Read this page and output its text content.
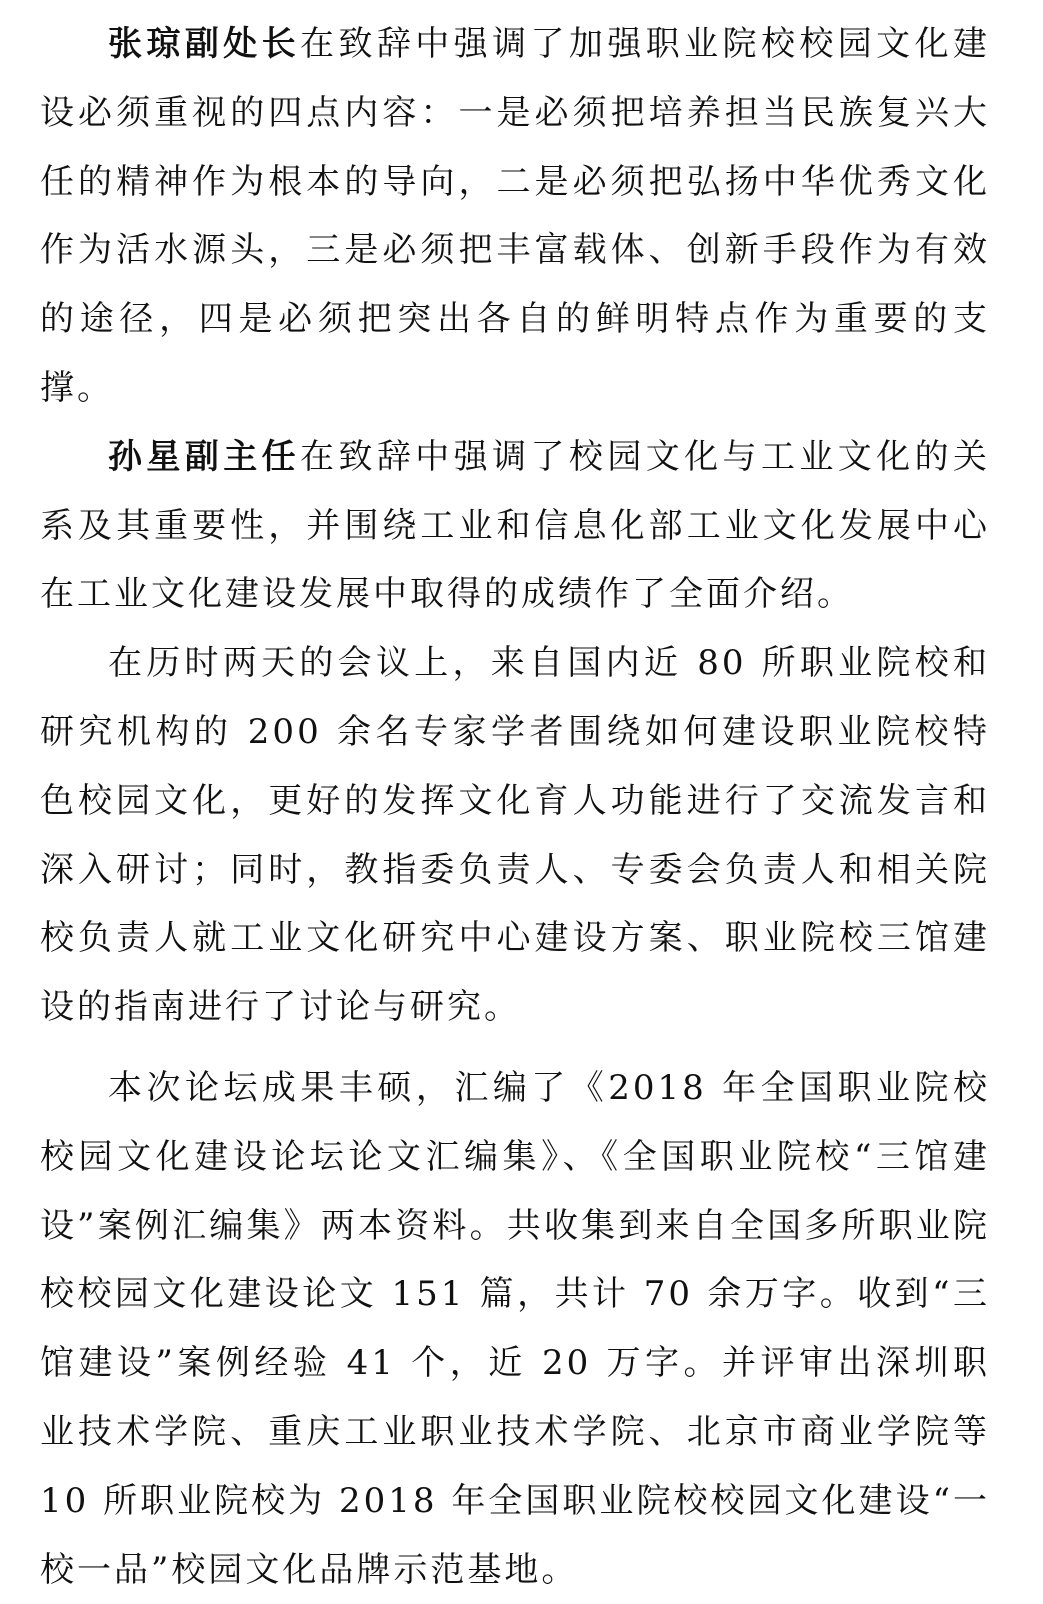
张琼副处长在致辞中强调了加强职业院校校园文化建设必须重视的四点内容：一是必须把培养担当民族复兴大任的精神作为根本的导向，二是必须把弘扬中华优秀文化作为活水源头，三是必须把丰富载体、创新手段作为有效的途径，四是必须把突出各自的鲜明特点作为重要的支撑。

孙星副主任在致辞中强调了校园文化与工业文化的关系及其重要性，并围绕工业和信息化部工业文化发展中心在工业文化建设发展中取得的成绩作了全面介绍。

在历时两天的会议上，来自国内近 80 所职业院校和研究机构的 200 余名专家学者围绕如何建设职业院校特色校园文化，更好的发挥文化育人功能进行了交流发言和深入研讨；同时，教指委负责人、专委会负责人和相关院校负责人就工业文化研究中心建设方案、职业院校三馆建设的指南进行了讨论与研究。

本次论坛成果丰硕，汇编了《2018 年全国职业院校校园文化建设论坛论文汇编集》、《全国职业院校“三馆建设”案例汇编集》两本资料。共收集到来自全国多所职业院校校园文化建设论文 151 篇，共计 70 余万字。收到“三馆建设”案例经验 41 个，近 20 万字。并评审出深圳职业技术学院、重庆工业职业技术学院、北京市商业学院等 10 所职业院校为 2018 年全国职业院校校园文化建设“一校一品”校园文化品牌示范基地。
